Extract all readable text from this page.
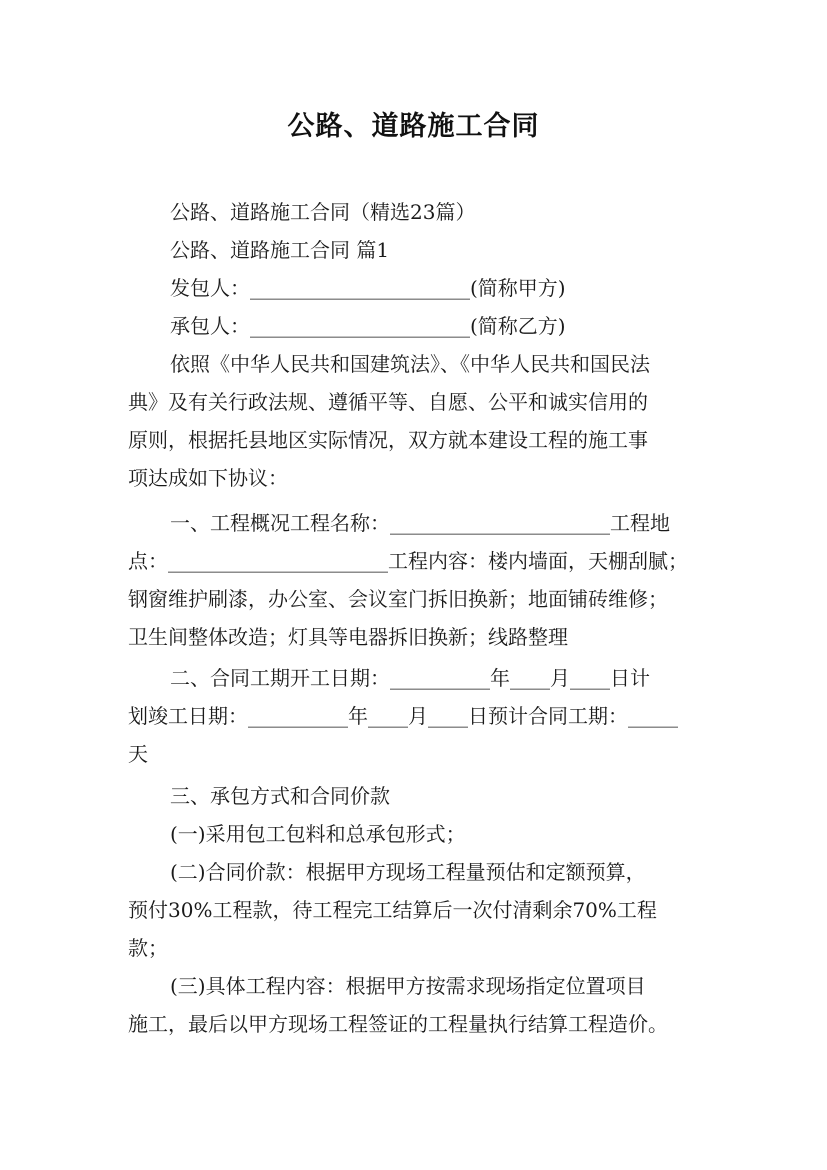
公路、道路施工合同
公路、道路施工合同（精选23篇）
公路、道路施工合同 篇1
发包人：______________________(简称甲方)
承包人：______________________(简称乙方)
依照《中华人民共和国建筑法》、《中华人民共和国民法
典》及有关行政法规、遵循平等、自愿、公平和诚实信用的
原则，根据托县地区实际情况，双方就本建设工程的施工事
项达成如下协议：
一、工程概况工程名称：______________________工程地
点：______________________工程内容：楼内墙面，天棚刮腻；
钢窗维护刷漆，办公室、会议室门拆旧换新；地面铺砖维修；
卫生间整体改造；灯具等电器拆旧换新；线路整理
二、合同工期开工日期：__________年____月____日计
划竣工日期：__________年____月____日预计合同工期：_____
天
三、承包方式和合同价款
(一)采用包工包料和总承包形式；
(二)合同价款：根据甲方现场工程量预估和定额预算，
预付30%工程款，待工程完工结算后一次付清剩余70%工程
款；
(三)具体工程内容：根据甲方按需求现场指定位置项目
施工，最后以甲方现场工程签证的工程量执行结算工程造价。
